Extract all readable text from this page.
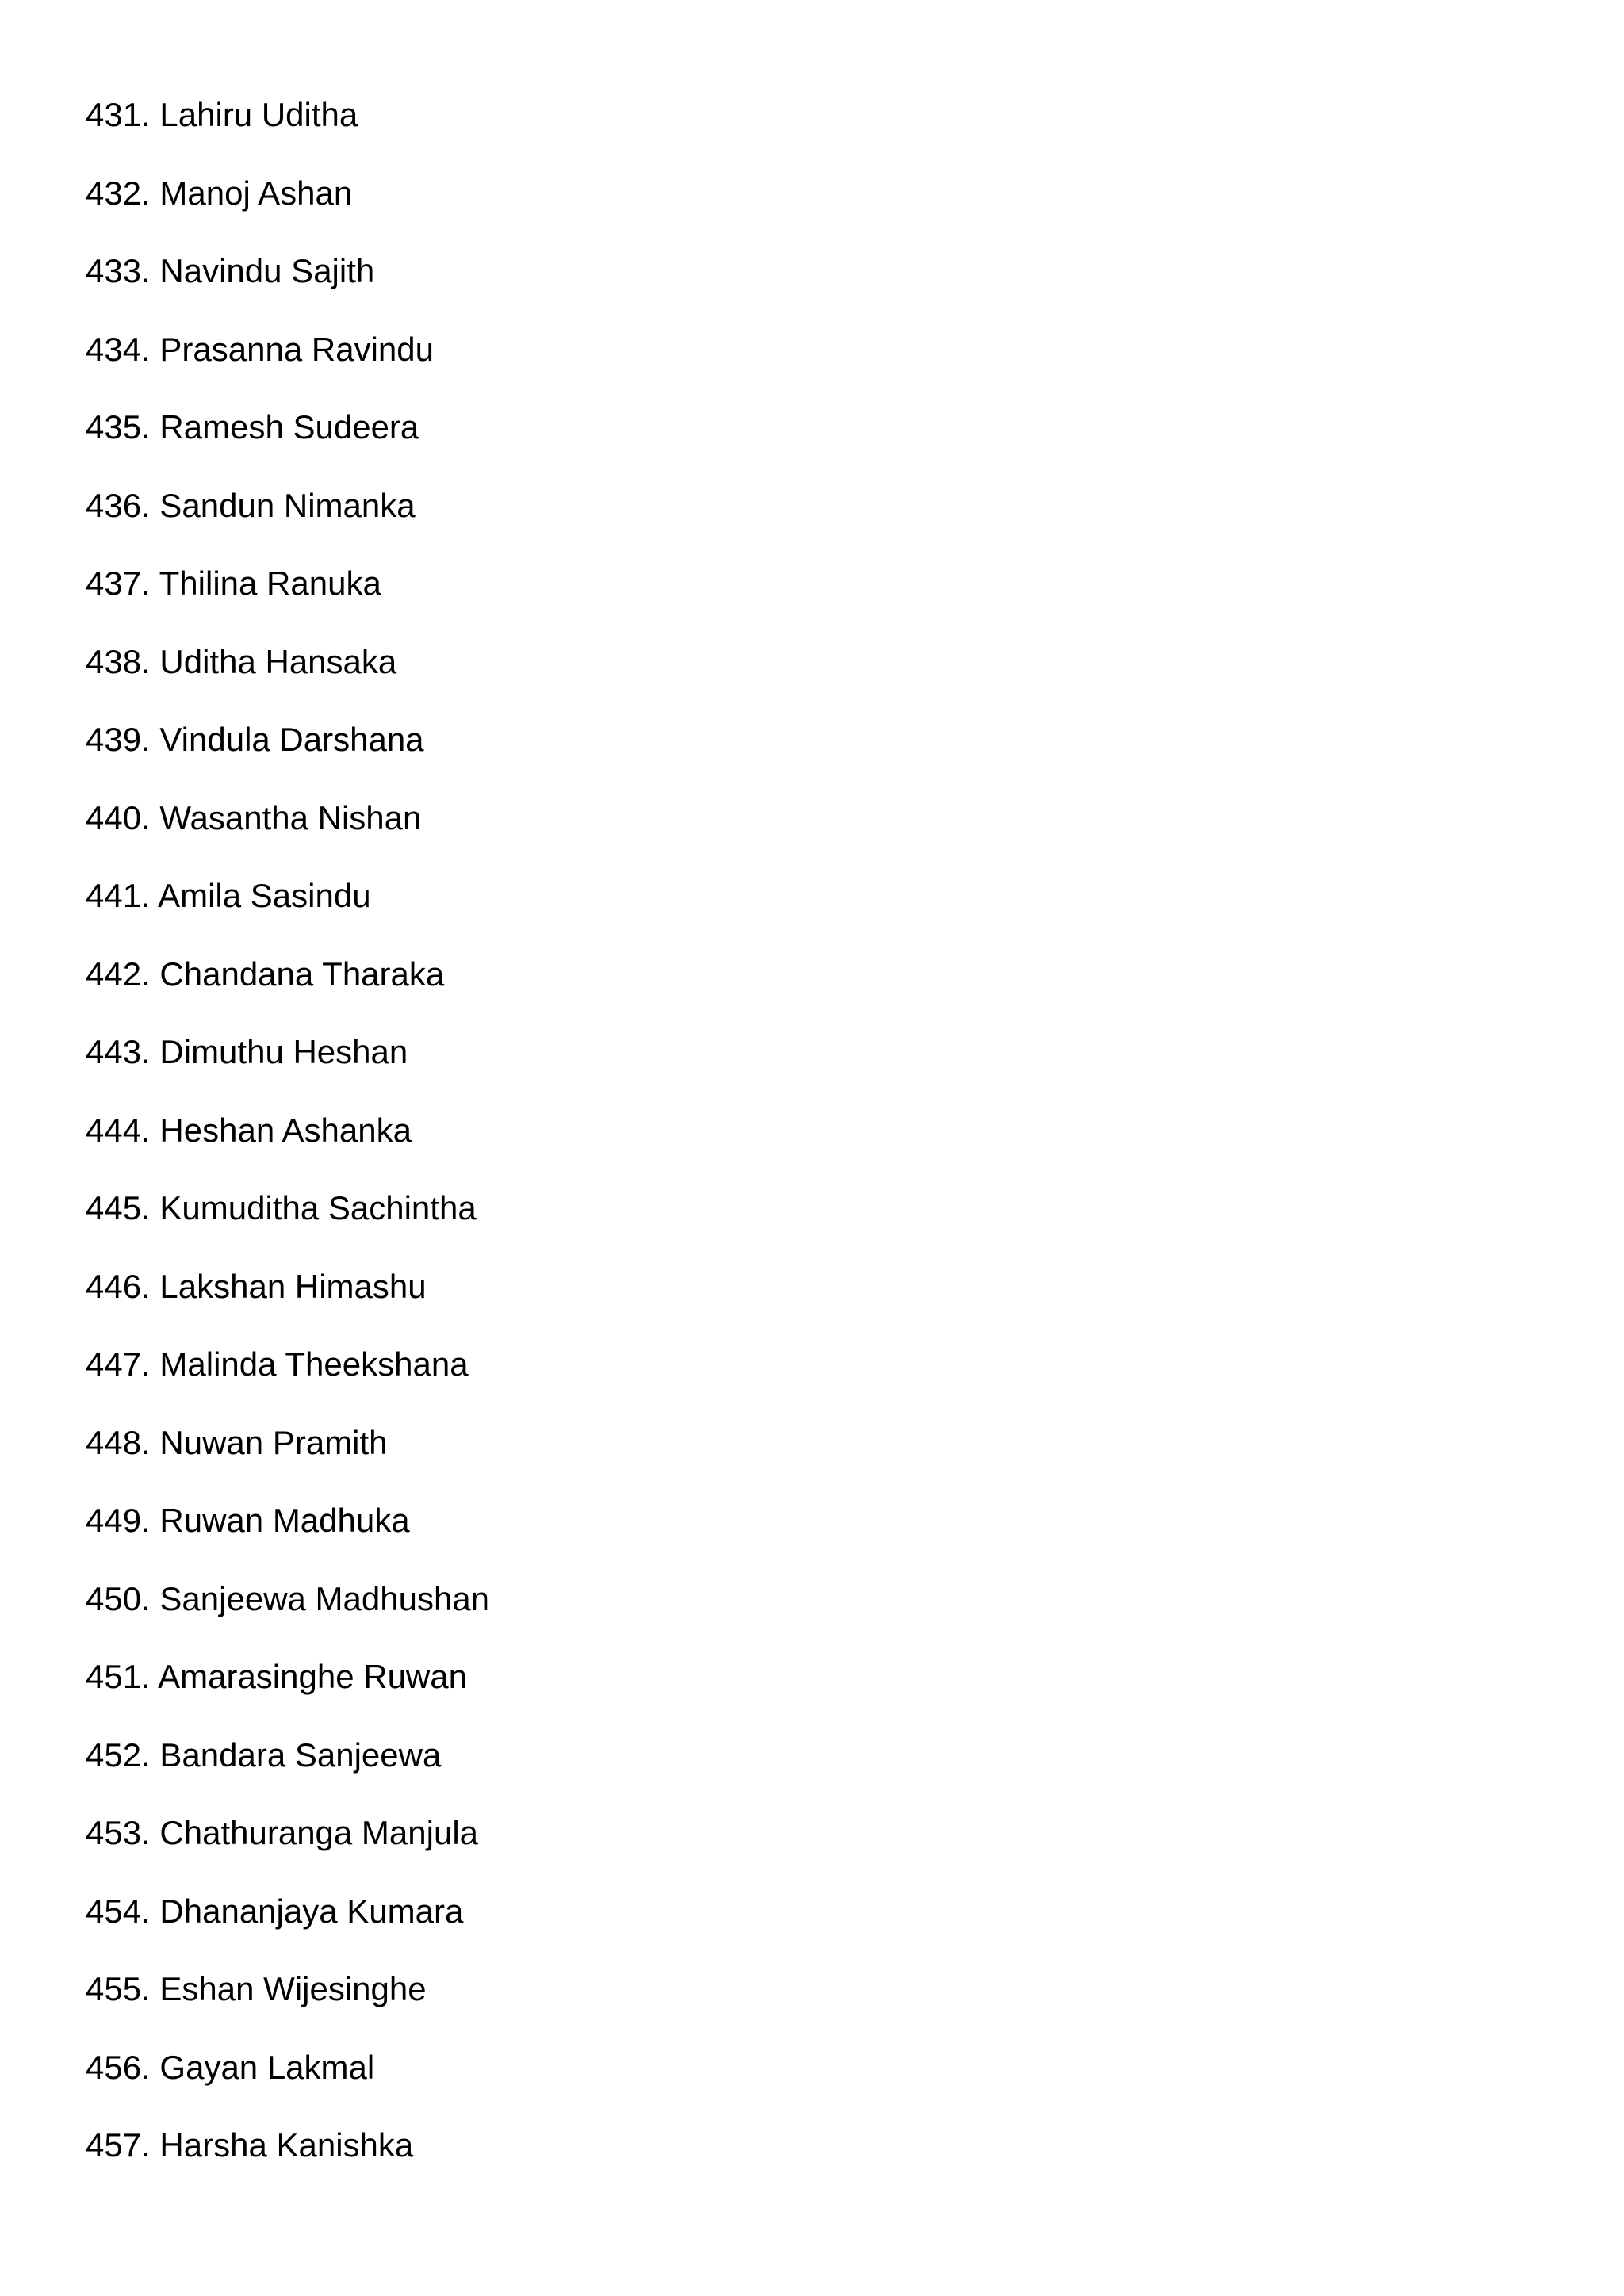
431. Lahiru Uditha
432. Manoj Ashan
433. Navindu Sajith
434. Prasanna Ravindu
435. Ramesh Sudeera
436. Sandun Nimanka
437. Thilina Ranuka
438. Uditha Hansaka
439. Vindula Darshana
440. Wasantha Nishan
441. Amila Sasindu
442. Chandana Tharaka
443. Dimuthu Heshan
444. Heshan Ashanka
445. Kumuditha Sachintha
446. Lakshan Himashu
447. Malinda Theekshana
448. Nuwan Pramith
449. Ruwan Madhuka
450. Sanjeewa Madhushan
451. Amarasinghe Ruwan
452. Bandara Sanjeewa
453. Chathuranga Manjula
454. Dhananjaya Kumara
455. Eshan Wijesinghe
456. Gayan Lakmal
457. Harsha Kanishka
